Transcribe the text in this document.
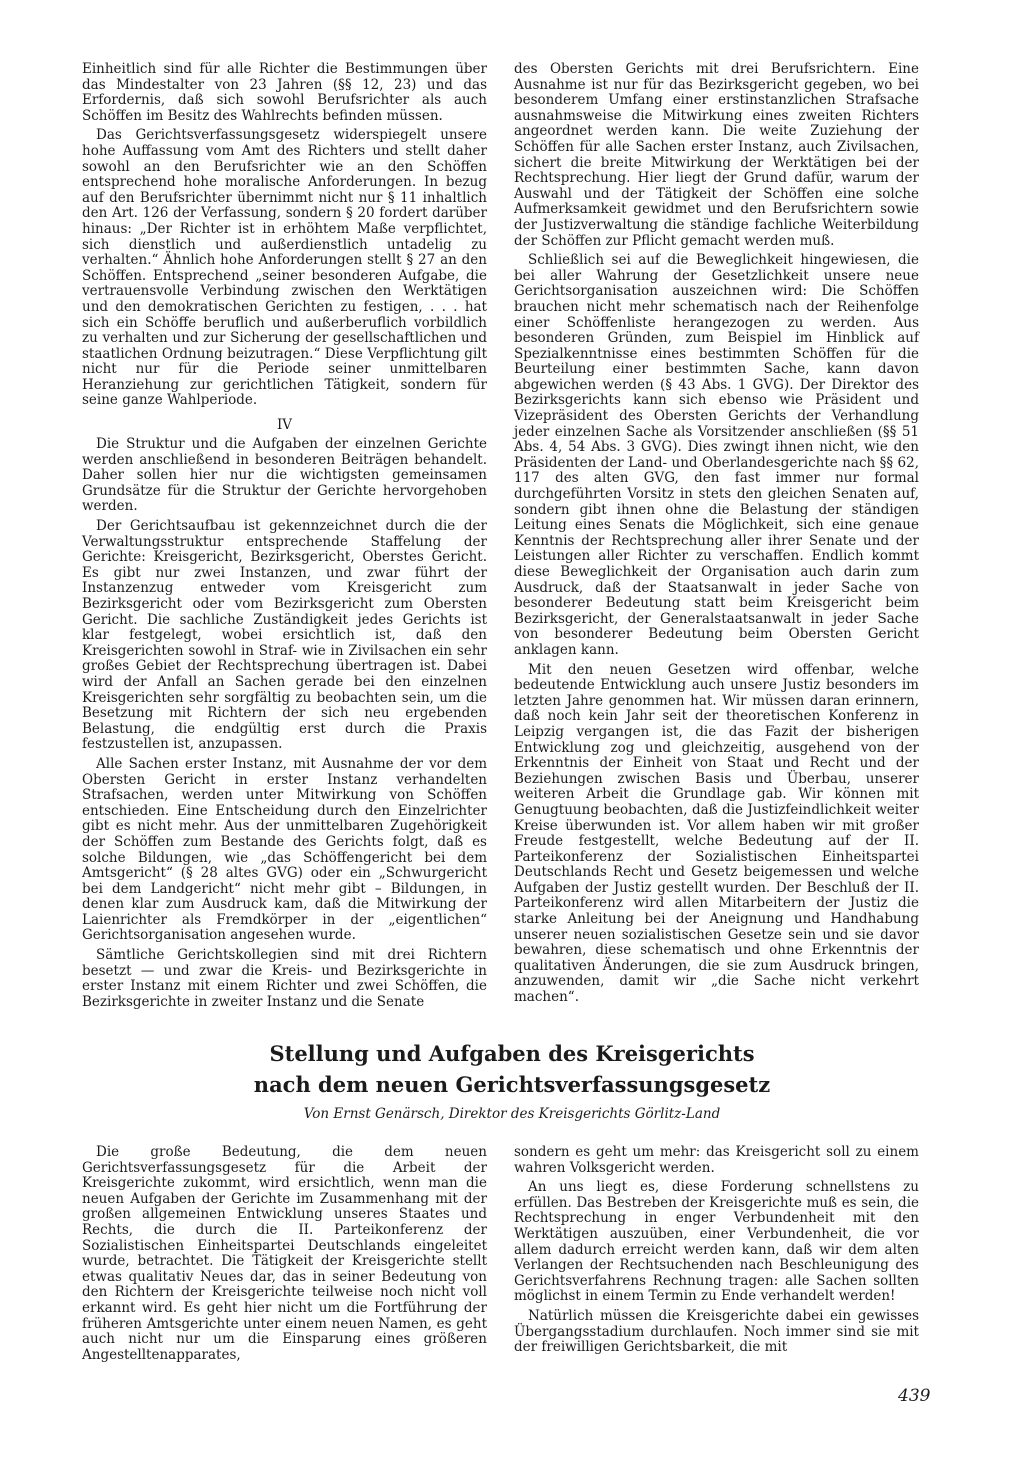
Einheitlich sind für alle Richter die Bestimmungen über das Mindestalter von 23 Jahren (§§ 12, 23) und das Erfordernis, daß sich sowohl Berufsrichter als auch Schöffen im Besitz des Wahlrechts befinden müssen.

Das Gerichtsverfassungsgesetz widerspiegelt unsere hohe Auffassung vom Amt des Richters und stellt daher sowohl an den Berufsrichter wie an den Schöffen entsprechend hohe moralische Anforderungen. In bezug auf den Berufsrichter übernimmt nicht nur § 11 inhaltlich den Art. 126 der Verfassung, sondern § 20 fordert darüber hinaus: „Der Richter ist in erhöhtem Maße verpflichtet, sich dienstlich und außerdienstlich untadelig zu verhalten.“ Ähnlich hohe Anforderungen stellt § 27 an den Schöffen. Entsprechend „seiner besonderen Aufgabe, die vertrauensvolle Verbindung zwischen den Werktätigen und den demokratischen Gerichten zu festigen, . . . hat sich ein Schöffe beruflich und außerberuflich vorbildlich zu verhalten und zur Sicherung der gesellschaftlichen und staatlichen Ordnung beizutragen.“ Diese Verpflichtung gilt nicht nur für die Periode seiner unmittelbaren Heranziehung zur gerichtlichen Tätigkeit, sondern für seine ganze Wahlperiode.

IV

Die Struktur und die Aufgaben der einzelnen Gerichte werden anschließend in besonderen Beiträgen behandelt. Daher sollen hier nur die wichtigsten gemeinsamen Grundsätze für die Struktur der Gerichte hervorgehoben werden.

Der Gerichtsaufbau ist gekennzeichnet durch die der Verwaltungsstruktur entsprechende Staffelung der Gerichte: Kreisgericht, Bezirksgericht, Oberstes Gericht. Es gibt nur zwei Instanzen, und zwar führt der Instanzenzug entweder vom Kreisgericht zum Bezirksgericht oder vom Bezirksgericht zum Obersten Gericht. Die sachliche Zuständigkeit jedes Gerichts ist klar festgelegt, wobei ersichtlich ist, daß den Kreisgerichten sowohl in Straf- wie in Zivilsachen ein sehr großes Gebiet der Rechtsprechung übertragen ist. Dabei wird der Anfall an Sachen gerade bei den einzelnen Kreisgerichten sehr sorgfältig zu beobachten sein, um die Besetzung mit Richtern der sich neu ergebenden Belastung, die endgültig erst durch die Praxis festzustellen ist, anzupassen.

Alle Sachen erster Instanz, mit Ausnahme der vor dem Obersten Gericht in erster Instanz verhandelten Strafsachen, werden unter Mitwirkung von Schöffen entschieden. Eine Entscheidung durch den Einzelrichter gibt es nicht mehr. Aus der unmittelbaren Zugehörigkeit der Schöffen zum Bestande des Gerichts folgt, daß es solche Bildungen, wie „das Schöffengericht bei dem Amtsgericht“ (§ 28 altes GVG) oder ein „Schwurgericht bei dem Landgericht“ nicht mehr gibt – Bildungen, in denen klar zum Ausdruck kam, daß die Mitwirkung der Laienrichter als Fremdkörper in der „eigentlichen“ Gerichtsorganisation angesehen wurde.

Sämtliche Gerichtskollegien sind mit drei Richtern besetzt — und zwar die Kreis- und Bezirksgerichte in erster Instanz mit einem Richter und zwei Schöffen, die Bezirksgerichte in zweiter Instanz und die Senate

des Obersten Gerichts mit drei Berufsrichtern. Eine Ausnahme ist nur für das Bezirksgericht gegeben, wo bei besonderem Umfang einer erstinstanzlichen Strafsache ausnahmsweise die Mitwirkung eines zweiten Richters angeordnet werden kann. Die weite Zuziehung der Schöffen für alle Sachen erster Instanz, auch Zivilsachen, sichert die breite Mitwirkung der Werktätigen bei der Rechtsprechung. Hier liegt der Grund dafür, warum der Auswahl und der Tätigkeit der Schöffen eine solche Aufmerksamkeit gewidmet und den Berufsrichtern sowie der Justizverwaltung die ständige fachliche Weiterbildung der Schöffen zur Pflicht gemacht werden muß.

Schließlich sei auf die Beweglichkeit hingewiesen, die bei aller Wahrung der Gesetzlichkeit unsere neue Gerichtsorganisation auszeichnen wird: Die Schöffen brauchen nicht mehr schematisch nach der Reihenfolge einer Schöffenliste herangezogen zu werden. Aus besonderen Gründen, zum Beispiel im Hinblick auf Spezialkenntnisse eines bestimmten Schöffen für die Beurteilung einer bestimmten Sache, kann davon abgewichen werden (§ 43 Abs. 1 GVG). Der Direktor des Bezirksgerichts kann sich ebenso wie Präsident und Vizepräsident des Obersten Gerichts der Verhandlung jeder einzelnen Sache als Vorsitzender anschließen (§§ 51 Abs. 4, 54 Abs. 3 GVG). Dies zwingt ihnen nicht, wie den Präsidenten der Land- und Oberlandesgerichte nach §§ 62, 117 des alten GVG, den fast immer nur formal durchgeführten Vorsitz in stets den gleichen Senaten auf, sondern gibt ihnen ohne die Belastung der ständigen Leitung eines Senats die Möglichkeit, sich eine genaue Kenntnis der Rechtsprechung aller ihrer Senate und der Leistungen aller Richter zu verschaffen. Endlich kommt diese Beweglichkeit der Organisation auch darin zum Ausdruck, daß der Staatsanwalt in jeder Sache von besonderer Bedeutung statt beim Kreisgericht beim Bezirksgericht, der Generalstaatsanwalt in jeder Sache von besonderer Bedeutung beim Obersten Gericht anklagen kann.

Mit den neuen Gesetzen wird offenbar, welche bedeutende Entwicklung auch unsere Justiz besonders im letzten Jahre genommen hat. Wir müssen daran erinnern, daß noch kein Jahr seit der theoretischen Konferenz in Leipzig vergangen ist, die das Fazit der bisherigen Entwicklung zog und gleichzeitig, ausgehend von der Erkenntnis der Einheit von Staat und Recht und der Beziehungen zwischen Basis und Überbau, unserer weiteren Arbeit die Grundlage gab. Wir können mit Genugtuung beobachten, daß die Justizfeindlichkeit weiter Kreise überwunden ist. Vor allem haben wir mit großer Freude festgestellt, welche Bedeutung auf der II. Parteikonferenz der Sozialistischen Einheitspartei Deutschlands Recht und Gesetz beigemessen und welche Aufgaben der Justiz gestellt wurden. Der Beschluß der II. Parteikonferenz wird allen Mitarbeitern der Justiz die starke Anleitung bei der Aneignung und Handhabung unserer neuen sozialistischen Gesetze sein und sie davor bewahren, diese schematisch und ohne Erkenntnis der qualitativen Änderungen, die sie zum Ausdruck bringen, anzuwenden, damit wir „die Sache nicht verkehrt machen“.

Stellung und Aufgaben des Kreisgerichts
nach dem neuen Gerichtsverfassungsgesetz
Von Ernst Genärsch, Direktor des Kreisgerichts Görlitz-Land

Die große Bedeutung, die dem neuen Gerichtsverfassungsgesetz für die Arbeit der Kreisgerichte zukommt, wird ersichtlich, wenn man die neuen Aufgaben der Gerichte im Zusammenhang mit der großen allgemeinen Entwicklung unseres Staates und Rechts, die durch die II. Parteikonferenz der Sozialistischen Einheitspartei Deutschlands eingeleitet wurde, betrachtet. Die Tätigkeit der Kreisgerichte stellt etwas qualitativ Neues dar, das in seiner Bedeutung von den Richtern der Kreisgerichte teilweise noch nicht voll erkannt wird. Es geht hier nicht um die Fortführung der früheren Amtsgerichte unter einem neuen Namen, es geht auch nicht nur um die Einsparung eines größeren Angestelltenapparates,

sondern es geht um mehr: das Kreisgericht soll zu einem wahren Volksgericht werden.

An uns liegt es, diese Forderung schnellstens zu erfüllen. Das Bestreben der Kreisgerichte muß es sein, die Rechtsprechung in enger Verbundenheit mit den Werktätigen auszuüben, einer Verbundenheit, die vor allem dadurch erreicht werden kann, daß wir dem alten Verlangen der Rechtsuchenden nach Beschleunigung des Gerichtsverfahrens Rechnung tragen: alle Sachen sollten möglichst in einem Termin zu Ende verhandelt werden!

Natürlich müssen die Kreisgerichte dabei ein gewisses Übergangsstadium durchlaufen. Noch immer sind sie mit der freiwilligen Gerichtsbarkeit, die mit

439
